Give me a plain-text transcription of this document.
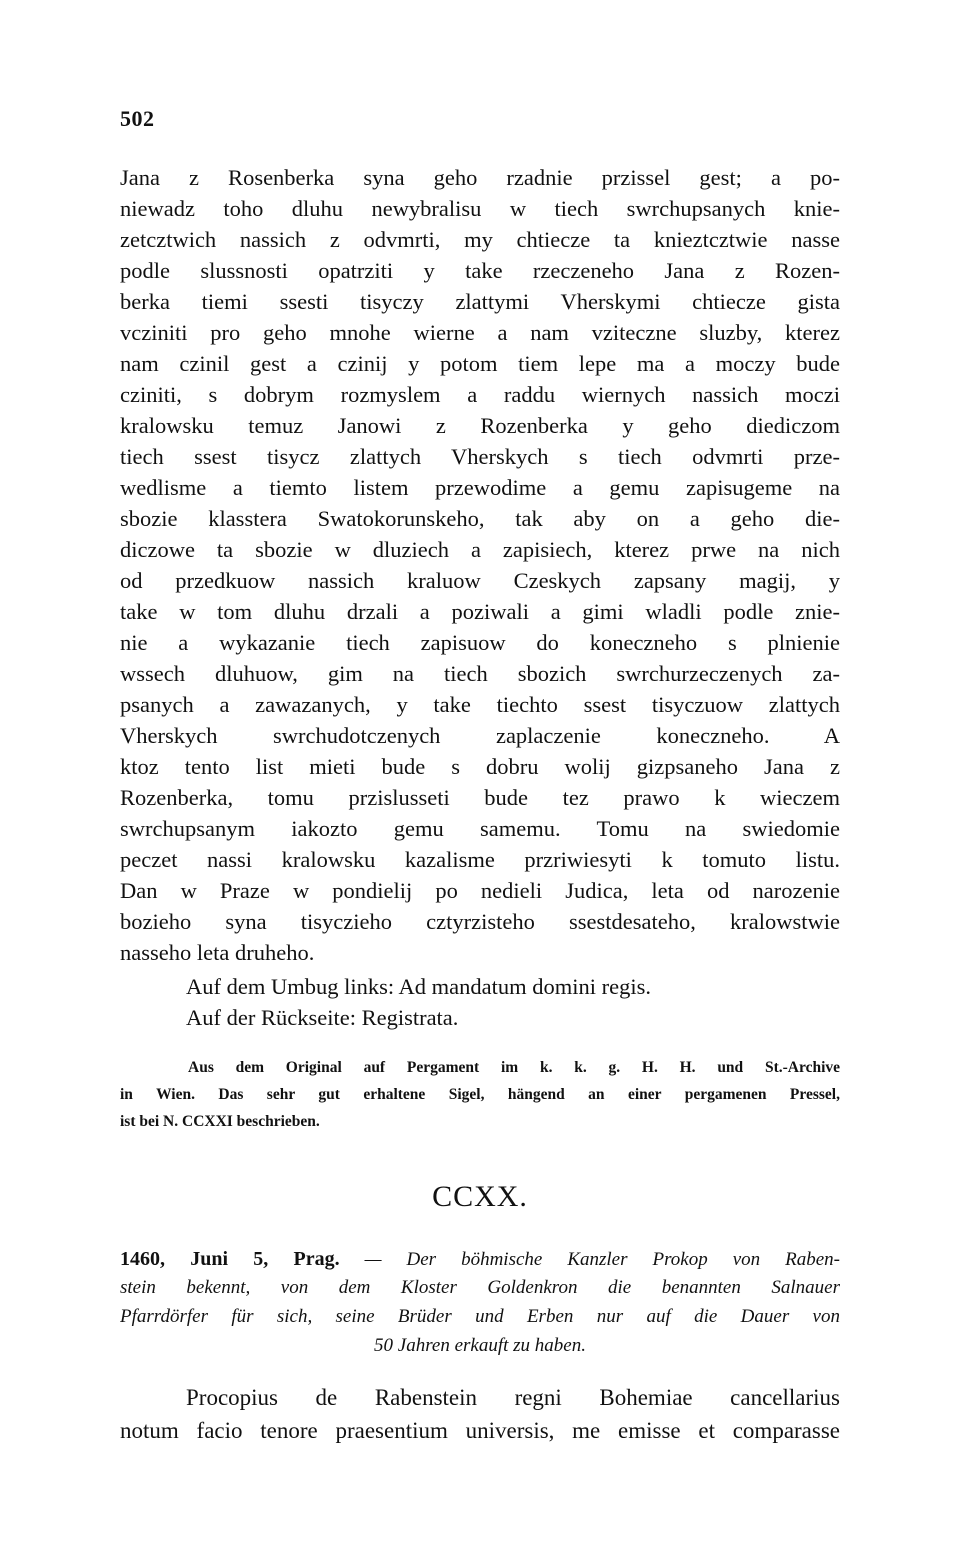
502
Jana z Rosenberka syna geho rzadnie przissel gest; a po-
niewadz toho dluhu newybralisu w tiech swrchupsanych knie-
zetcztwich nassich z odvmrti, my chtiecze ta knieztcztwie nasse
podle slussnosti opatrziti y take rzeczeneho Jana z Rozen-
berka tiemi ssesti tisyczy zlattymi Vherskymi chtiecze gista
vcziniti pro geho mnohe wierne a nam vziteczne sluzby, kterez
nam czinil gest a czinij y potom tiem lepe ma a moczy bude
cziniti, s dobrym rozmyslem a raddu wiernych nassich moczi
kralowsku temuz Janowi z Rozenberka y geho diediczom
tiech ssest tisycz zlattych Vherskych s tiech odvmrti prze-
wedlisme a tiemto listem przewodime a gemu zapisugeme na
sbozie klasstera Swatokorunskeho, tak aby on a geho die-
diczowe ta sbozie w dluziech a zapisiech, kterez prwe na nich
od przedkuow nassich kraluow Czeskych zapsany magij, y
take w tom dluhu drzali a poziwali a gimi wladli podle znie-
nie a wykazanie tiech zapisuow do koneczneho s plnienie
wssech dluhuow, gim na tiech sbozich swrchurzeczenych za-
psanych a zawazanych, y take tiechto ssest tisyczuow zlattych
Vherskych swrchudotczenych zaplaczenie koneczneho. A
ktoz tento list mieti bude s dobru wolij gizpsaneho Jana z
Rozenberka, tomu przislusseti bude tez prawo k wieczem
swrchupsanym iakozto gemu samemu. Tomu na swiedomie
peczet nassi kralowsku kazalisme przriwiesyti k tomuto listu.
Dan w Praze w pondielij po nedieli Judica, leta od narozenie
bozieho syna tisyczieho cztyrzisteho ssestdesateho, kralowstwie
nasseho leta druheho.
Auf dem Umbug links: Ad mandatum domini regis.
Auf der Rückseite: Registrata.
Aus dem Original auf Pergament im k. k. g. H. H. und St.-Archive
in Wien. Das sehr gut erhaltene Sigel, hängend an einer pergamenen Pressel,
ist bei N. CCXXI beschrieben.
CCXX.
1460, Juni 5, Prag. — Der böhmische Kanzler Prokop von Raben-
stein bekennt, von dem Kloster Goldenkron die benannten Salnauer
Pfarrdörfer für sich, seine Brüder und Erben nur auf die Dauer von
50 Jahren erkauft zu haben.
Procopius de Rabenstein regni Bohemiae cancellarius
notum facio tenore praesentium universis, me emisse et comparasse
